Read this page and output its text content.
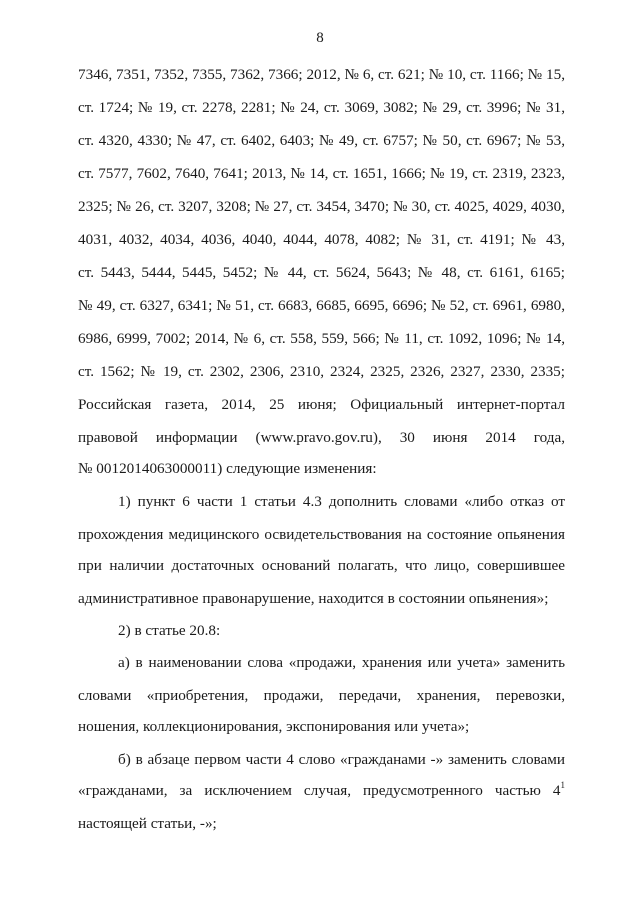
8
7346, 7351, 7352, 7355, 7362, 7366; 2012, № 6, ст. 621; № 10, ст. 1166; № 15,
ст. 1724; № 19, ст. 2278, 2281; № 24, ст. 3069, 3082; № 29, ст. 3996; № 31,
ст. 4320, 4330; № 47, ст. 6402, 6403; № 49, ст. 6757; № 50, ст. 6967; № 53,
ст. 7577, 7602, 7640, 7641; 2013, № 14, ст. 1651, 1666; № 19, ст. 2319, 2323,
2325; № 26, ст. 3207, 3208; № 27, ст. 3454, 3470; № 30, ст. 4025, 4029, 4030,
4031, 4032, 4034, 4036, 4040, 4044, 4078, 4082; № 31, ст. 4191; № 43,
ст. 5443, 5444, 5445, 5452; № 44, ст. 5624, 5643; № 48, ст. 6161, 6165;
№ 49, ст. 6327, 6341; № 51, ст. 6683, 6685, 6695, 6696; № 52, ст. 6961, 6980,
6986, 6999, 7002; 2014, № 6, ст. 558, 559, 566; № 11, ст. 1092, 1096; № 14,
ст. 1562; № 19, ст. 2302, 2306, 2310, 2324, 2325, 2326, 2327, 2330, 2335;
Российская газета, 2014, 25 июня; Официальный интернет-портал
правовой информации (www.pravo.gov.ru), 30 июня 2014 года,
№ 0012014063000011) следующие изменения:
1) пункт 6 части 1 статьи 4.3 дополнить словами «либо отказ от
прохождения медицинского освидетельствования на состояние опьянения
при наличии достаточных оснований полагать, что лицо, совершившее
административное правонарушение, находится в состоянии опьянения»;
2) в статье 20.8:
а) в наименовании слова «продажи, хранения или учета» заменить
словами «приобретения, продажи, передачи, хранения, перевозки,
ношения, коллекционирования, экспонирования или учета»;
б) в абзаце первом части 4 слово «гражданами -» заменить словами
«гражданами, за исключением случая, предусмотренного частью $4^1$
настоящей статьи, -»;
